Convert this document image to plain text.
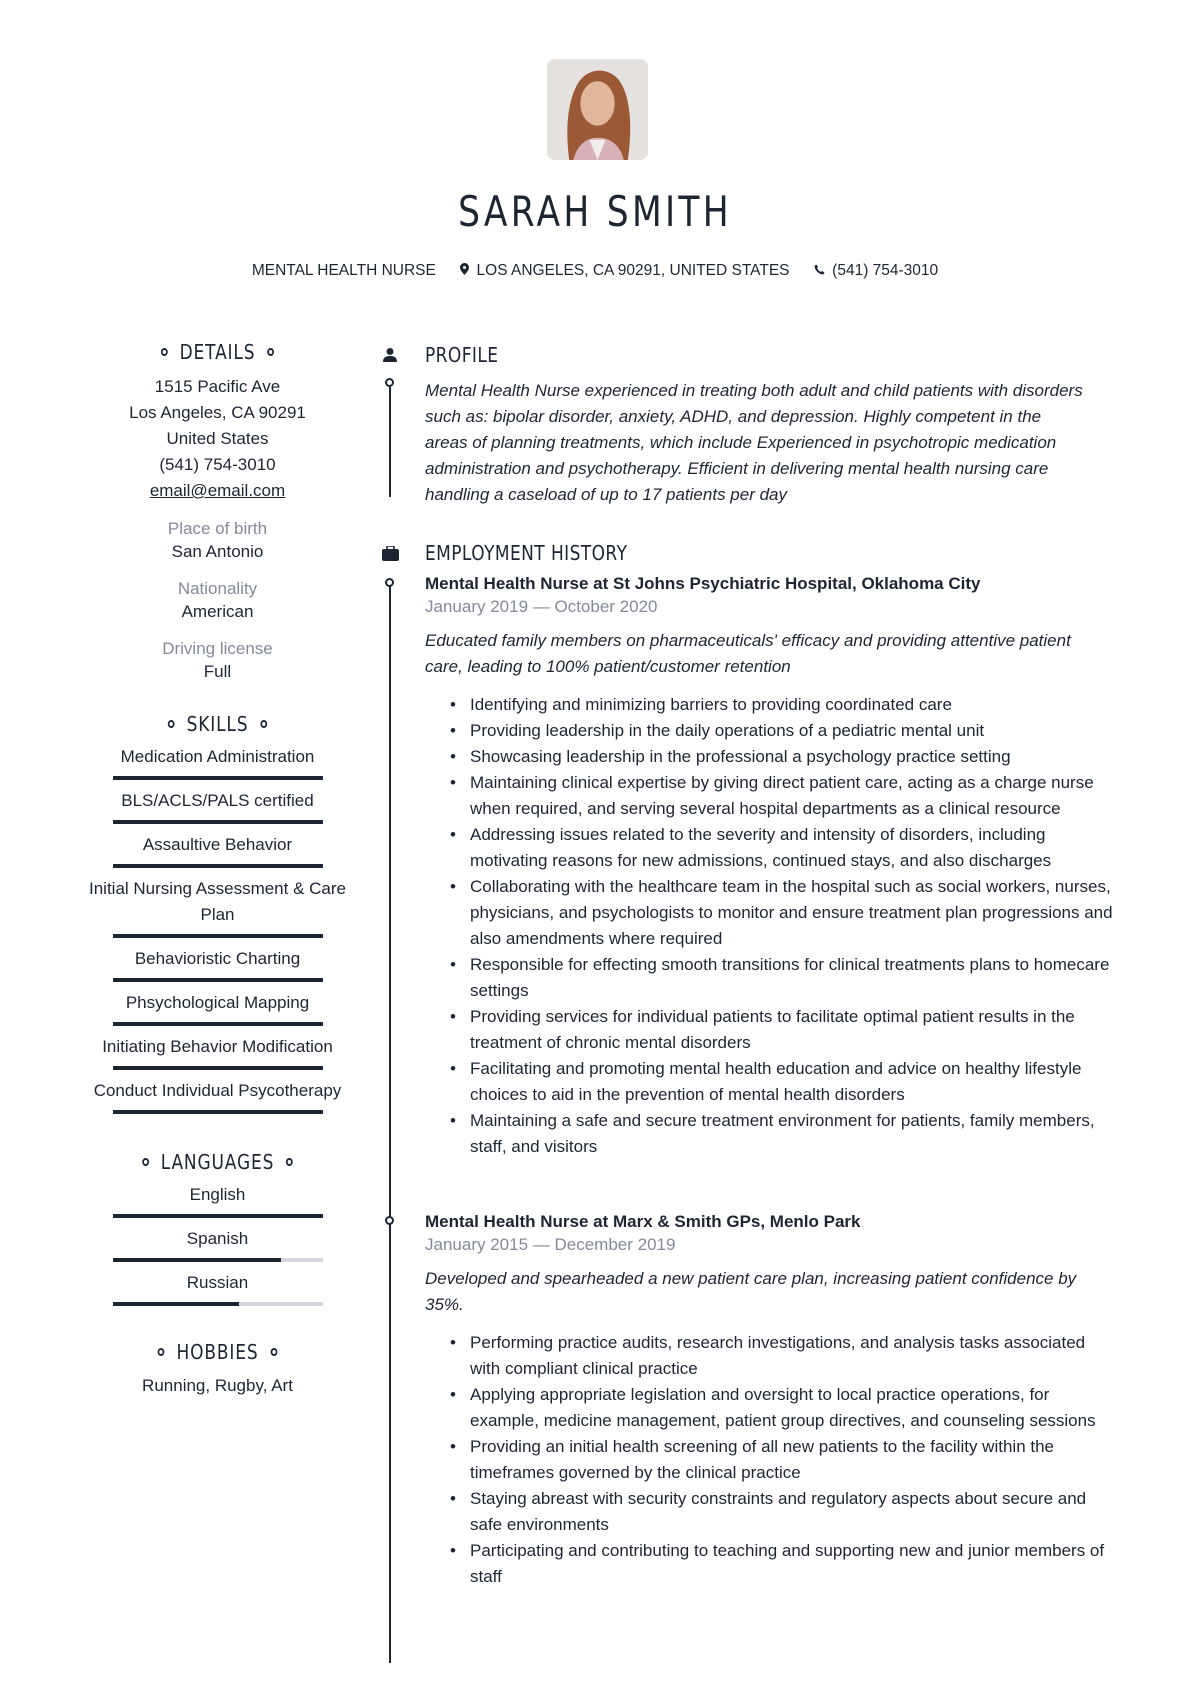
SARAH SMITH
MENTAL HEALTH NURSE	LOS ANGELES, CA 90291, UNITED STATES	(541) 754-3010
DETAILS
1515 Pacific Ave
Los Angeles, CA 90291
United States
(541) 754-3010
email@email.com
Place of birth
San Antonio
Nationality
American
Driving license
Full
SKILLS
Medication Administration
BLS/ACLS/PALS certified
Assaultive Behavior
Initial Nursing Assessment & Care Plan
Behavioristic Charting
Phsychological Mapping
Initiating Behavior Modification
Conduct Individual Psycotherapy
LANGUAGES
English
Spanish
Russian
HOBBIES
Running, Rugby, Art
PROFILE
Mental Health Nurse experienced in treating both adult and child patients with disorders
such as: bipolar disorder, anxiety, ADHD, and depression. Highly competent in the
areas of planning treatments, which include Experienced in psychotropic medication
administration and psychotherapy. Efficient in delivering mental health nursing care
handling a caseload of up to 17 patients per day
EMPLOYMENT HISTORY
Mental Health Nurse at St Johns Psychiatric Hospital, Oklahoma City
January 2019 — October 2020
Educated family members on pharmaceuticals' efficacy and providing attentive patient
care, leading to 100% patient/customer retention
• Identifying and minimizing barriers to providing coordinated care
• Providing leadership in the daily operations of a pediatric mental unit
• Showcasing leadership in the professional a psychology practice setting
• Maintaining clinical expertise by giving direct patient care, acting as a charge nurse when required, and serving several hospital departments as a clinical resource
• Addressing issues related to the severity and intensity of disorders, including motivating reasons for new admissions, continued stays, and also discharges
• Collaborating with the healthcare team in the hospital such as social workers, nurses, physicians, and psychologists to monitor and ensure treatment plan progressions and also amendments where required
• Responsible for effecting smooth transitions for clinical treatments plans to homecare settings
• Providing services for individual patients to facilitate optimal patient results in the treatment of chronic mental disorders
• Facilitating and promoting mental health education and advice on healthy lifestyle choices to aid in the prevention of mental health disorders
• Maintaining a safe and secure treatment environment for patients, family members, staff, and visitors
Mental Health Nurse at Marx & Smith GPs, Menlo Park
January 2015 — December 2019
Developed and spearheaded a new patient care plan, increasing patient confidence by
35%.
• Performing practice audits, research investigations, and analysis tasks associated with compliant clinical practice
• Applying appropriate legislation and oversight to local practice operations, for example, medicine management, patient group directives, and counseling sessions
• Providing an initial health screening of all new patients to the facility within the timeframes governed by the clinical practice
• Staying abreast with security constraints and regulatory aspects about secure and safe environments
• Participating and contributing to teaching and supporting new and junior members of staff
